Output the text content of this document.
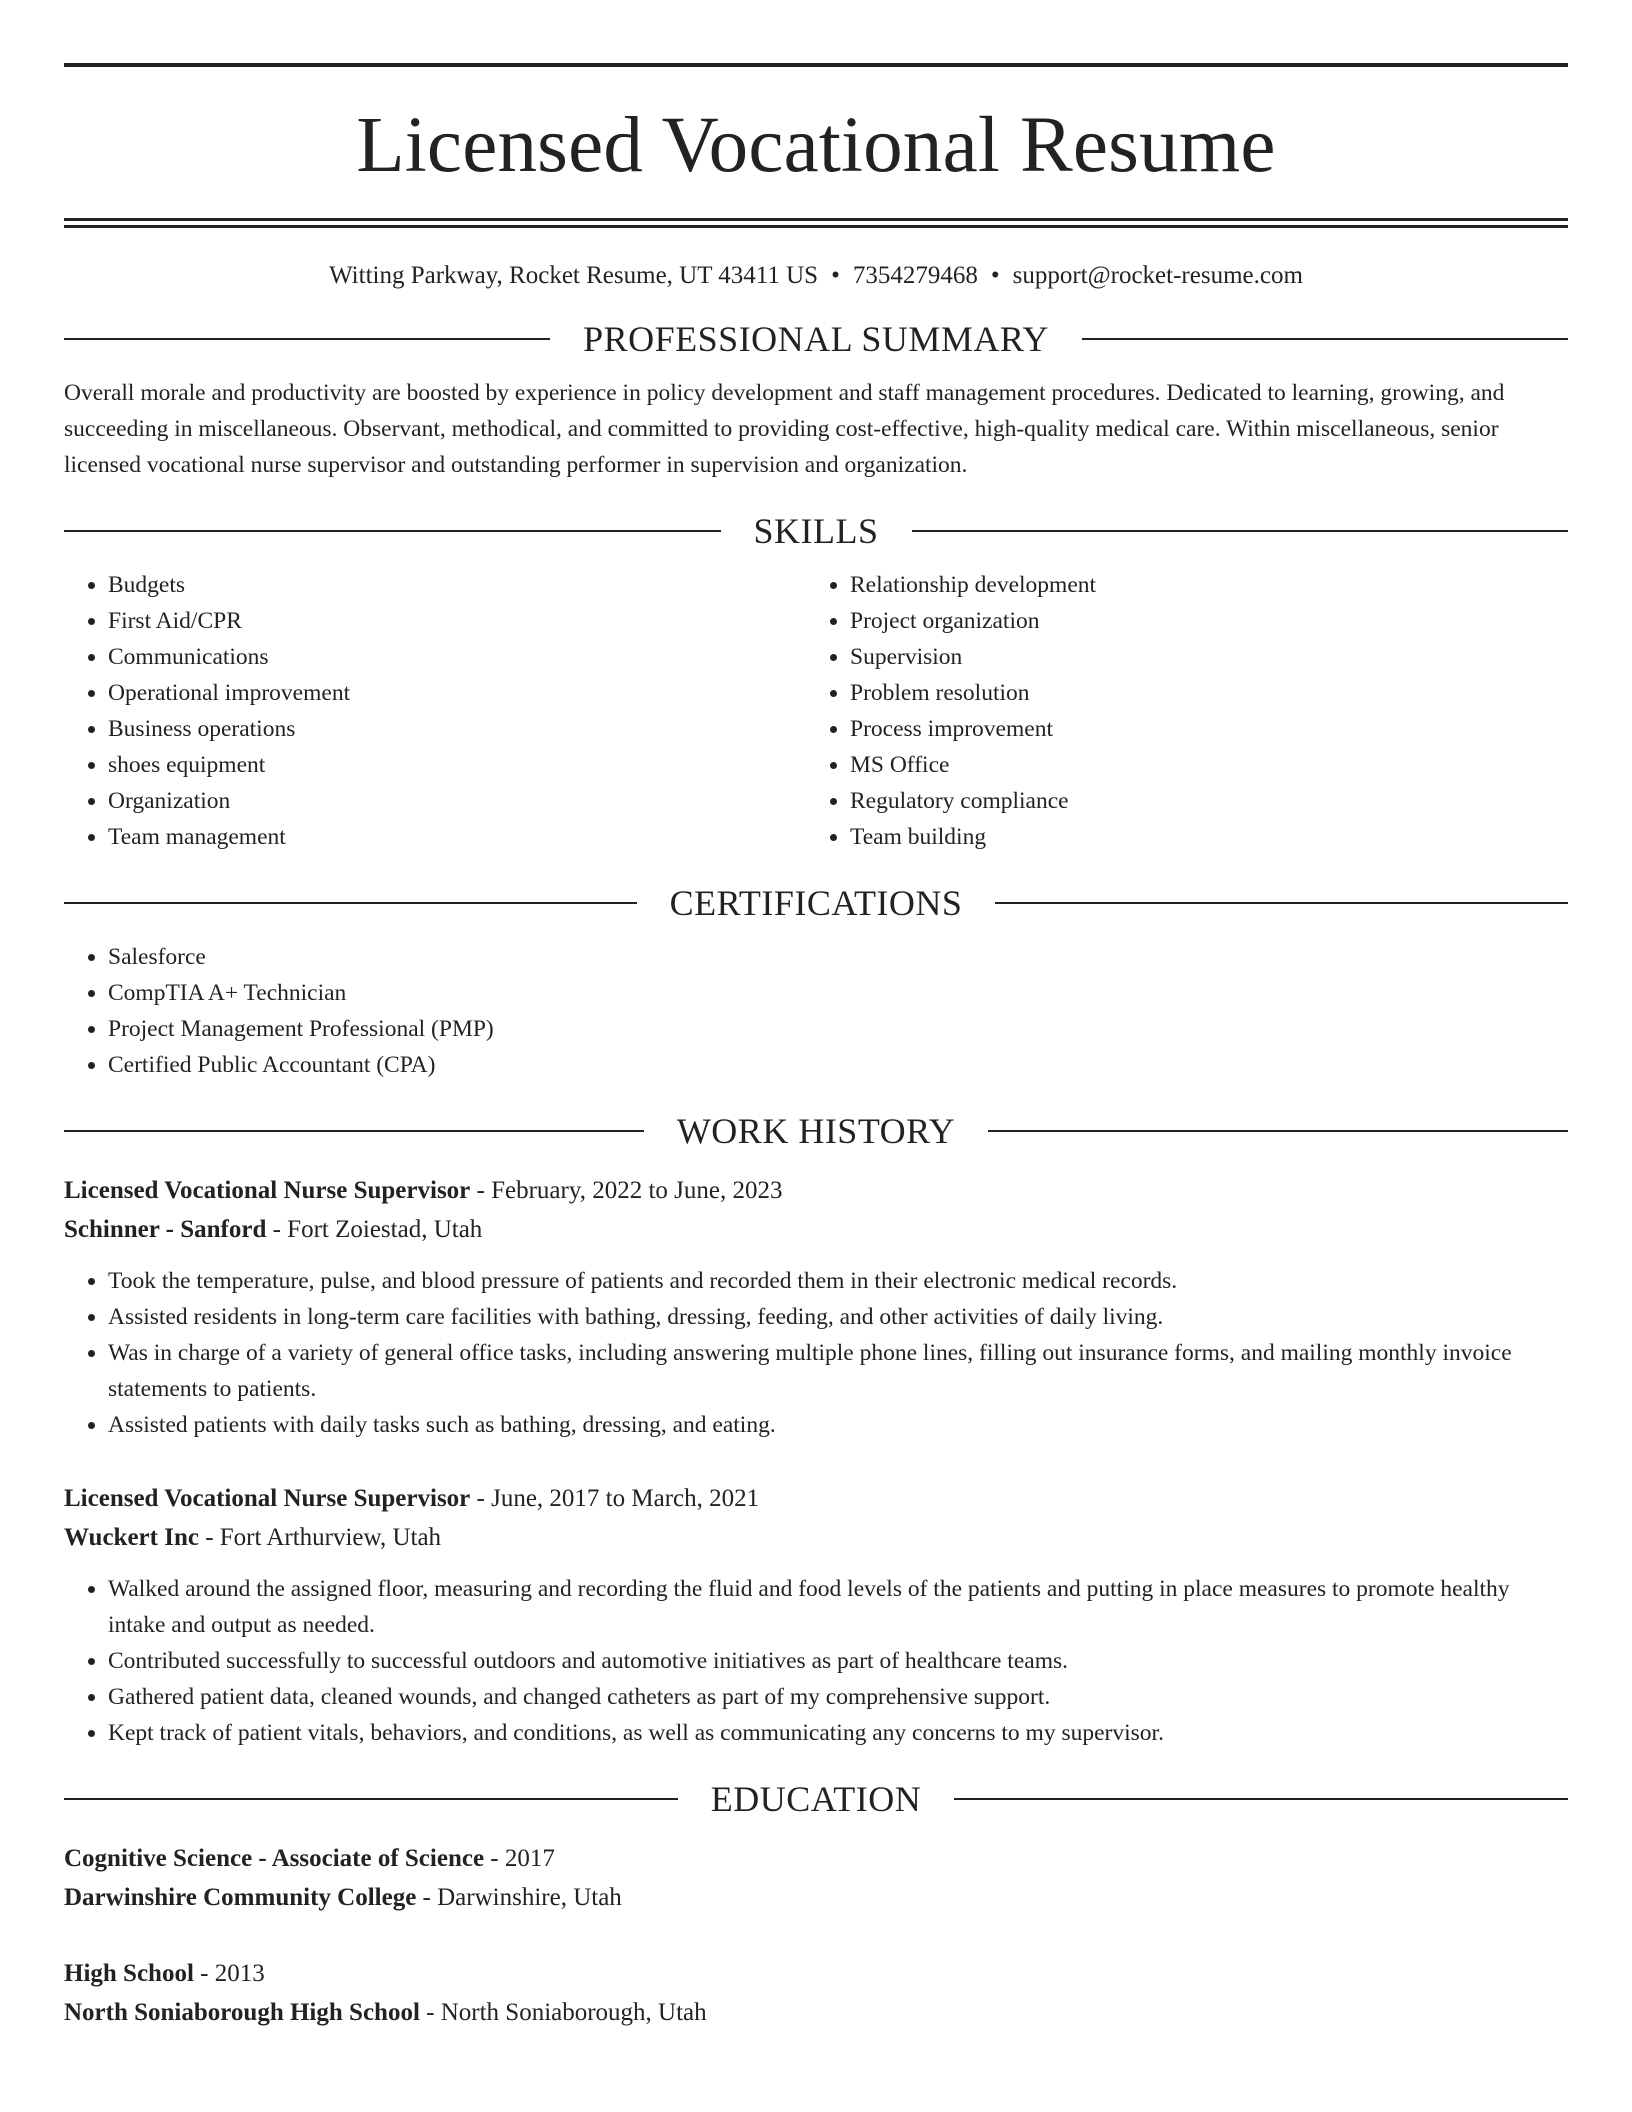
Licensed Vocational Resume
Witting Parkway, Rocket Resume, UT 43411 US • 7354279468 • support@rocket-resume.com
PROFESSIONAL SUMMARY

Overall morale and productivity are boosted by experience in policy development and staff management procedures. Dedicated to learning, growing, and succeeding in miscellaneous. Observant, methodical, and committed to providing cost-effective, high-quality medical care. Within miscellaneous, senior licensed vocational nurse supervisor and outstanding performer in supervision and organization.

SKILLS
• Budgets
• First Aid/CPR
• Communications
• Operational improvement
• Business operations
• shoes equipment
• Organization
• Team management
• Relationship development
• Project organization
• Supervision
• Problem resolution
• Process improvement
• MS Office
• Regulatory compliance
• Team building
CERTIFICATIONS
• Salesforce
• CompTIA A+ Technician
• Project Management Professional (PMP)
• Certified Public Accountant (CPA)
WORK HISTORY
Licensed Vocational Nurse Supervisor - February, 2022 to June, 2023
Schinner - Sanford - Fort Zoiestad, Utah
• Took the temperature, pulse, and blood pressure of patients and recorded them in their electronic medical records.
• Assisted residents in long-term care facilities with bathing, dressing, feeding, and other activities of daily living.
• Was in charge of a variety of general office tasks, including answering multiple phone lines, filling out insurance forms, and mailing monthly invoice statements to patients.
• Assisted patients with daily tasks such as bathing, dressing, and eating.
Licensed Vocational Nurse Supervisor - June, 2017 to March, 2021
Wuckert Inc - Fort Arthurview, Utah
• Walked around the assigned floor, measuring and recording the fluid and food levels of the patients and putting in place measures to promote healthy intake and output as needed.
• Contributed successfully to successful outdoors and automotive initiatives as part of healthcare teams.
• Gathered patient data, cleaned wounds, and changed catheters as part of my comprehensive support.
• Kept track of patient vitals, behaviors, and conditions, as well as communicating any concerns to my supervisor.
EDUCATION
Cognitive Science - Associate of Science - 2017
Darwinshire Community College - Darwinshire, Utah
High School - 2013
North Soniaborough High School - North Soniaborough, Utah
